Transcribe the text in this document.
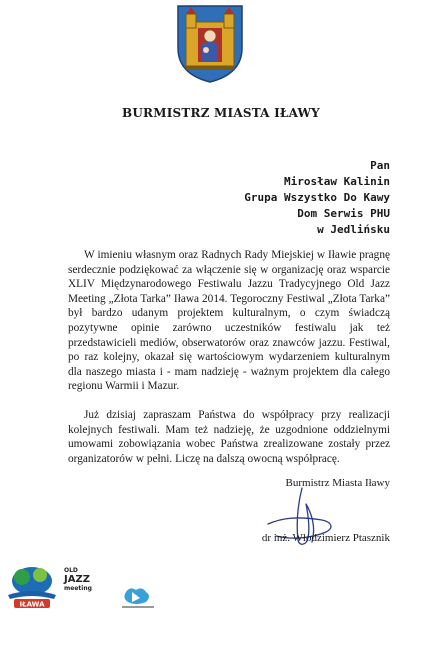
BURMISTRZ MIASTA IŁAWY
Pan
Mirosław Kalinin
Grupa Wszystko Do Kawy
Dom Serwis PHU
w Jedlińsku

W imieniu własnym oraz Radnych Rady Miejskiej w Iławie pragnę serdecznie podziękować za włączenie się w organizację oraz wsparcie XLIV Międzynarodowego Festiwalu Jazzu Tradycyjnego Old Jazz Meeting „Złota Tarka” Iława 2014. Tegoroczny Festiwal „Złota Tarka” był bardzo udanym projektem kulturalnym, o czym świadczą pozytywne opinie zarówno uczestników festiwalu jak też przedstawicieli mediów, obserwatorów oraz znawców jazzu. Festiwal, po raz kolejny, okazał się wartościowym wydarzeniem kulturalnym dla naszego miasta i - mam nadzieję - ważnym projektem dla całego regionu Warmii i Mazur.

Już dzisiaj zapraszam Państwa do współpracy przy realizacji kolejnych festiwali. Mam też nadzieję, że uzgodnione oddzielnymi umowami zobowiązania wobec Państwa zrealizowane zostały przez organizatorów w pełni. Liczę na dalszą owocną współpracę.

Burmistrz Miasta Iławy
dr inż. Włodzimierz Ptasznik
IŁAWA
OLD
JAZZ
meeting
